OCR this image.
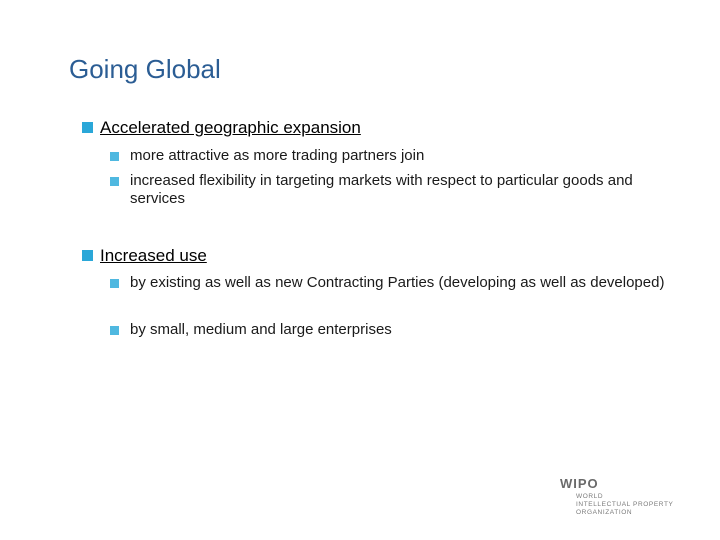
Going Global
Accelerated geographic expansion
more attractive as more trading partners join
increased flexibility in targeting markets with respect to particular goods and services
Increased use
by existing as well as new Contracting Parties (developing as well as developed)
by small, medium and large enterprises
WIPO
WORLD
INTELLECTUAL PROPERTY
ORGANIZATION
